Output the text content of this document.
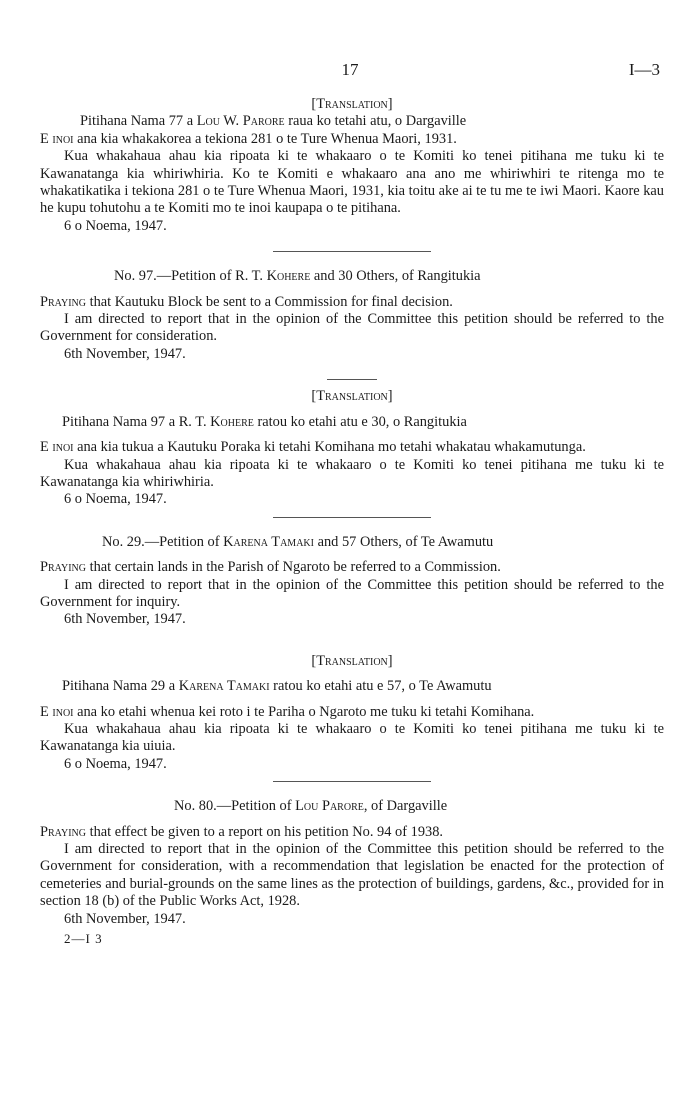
17	I—3

[Translation]

Pitihana Nama 77 a Lou W. Parore raua ko tetahi atu, o Dargaville

E inoi ana kia whakakorea a tekiona 281 o te Ture Whenua Maori, 1931.

Kua whakahaua ahau kia ripoata ki te whakaaro o te Komiti ko tenei pitihana me tuku ki te Kawanatanga kia whiriwhiria. Ko te Komiti e whakaaro ana ano me whiriwhiri te ritenga mo te whakatikatika i tekiona 281 o te Ture Whenua Maori, 1931, kia toitu ake ai te tu me te iwi Maori. Kaore kau he kupu tohutohu a te Komiti mo te inoi kaupapa o te pitihana.

6 o Noema, 1947.

No. 97.—Petition of R. T. Kohere and 30 Others, of Rangitukia

Praying that Kautuku Block be sent to a Commission for final decision.

I am directed to report that in the opinion of the Committee this petition should be referred to the Government for consideration.

6th November, 1947.

[Translation]

Pitihana Nama 97 a R. T. Kohere ratou ko etahi atu e 30, o Rangitukia

E inoi ana kia tukua a Kautuku Poraka ki tetahi Komihana mo tetahi whakatau whakamutunga.

Kua whakahaua ahau kia ripoata ki te whakaaro o te Komiti ko tenei pitihana me tuku ki te Kawanatanga kia whiriwhiria.

6 o Noema, 1947.

No. 29.—Petition of Karena Tamaki and 57 Others, of Te Awamutu

Praying that certain lands in the Parish of Ngaroto be referred to a Commission.

I am directed to report that in the opinion of the Committee this petition should be referred to the Government for inquiry.

6th November, 1947.

[Translation]

Pitihana Nama 29 a Karena Tamaki ratou ko etahi atu e 57, o Te Awamutu

E inoi ana ko etahi whenua kei roto i te Pariha o Ngaroto me tuku ki tetahi Komihana.

Kua whakahaua ahau kia ripoata ki te whakaaro o te Komiti ko tenei pitihana me tuku ki te Kawanatanga kia uiuia.

6 o Noema, 1947.

No. 80.—Petition of Lou Parore, of Dargaville

Praying that effect be given to a report on his petition No. 94 of 1938.

I am directed to report that in the opinion of the Committee this petition should be referred to the Government for consideration, with a recommendation that legislation be enacted for the protection of cemeteries and burial-grounds on the same lines as the protection of buildings, gardens, &c., provided for in section 18 (b) of the Public Works Act, 1928.

6th November, 1947.

2—I 3
